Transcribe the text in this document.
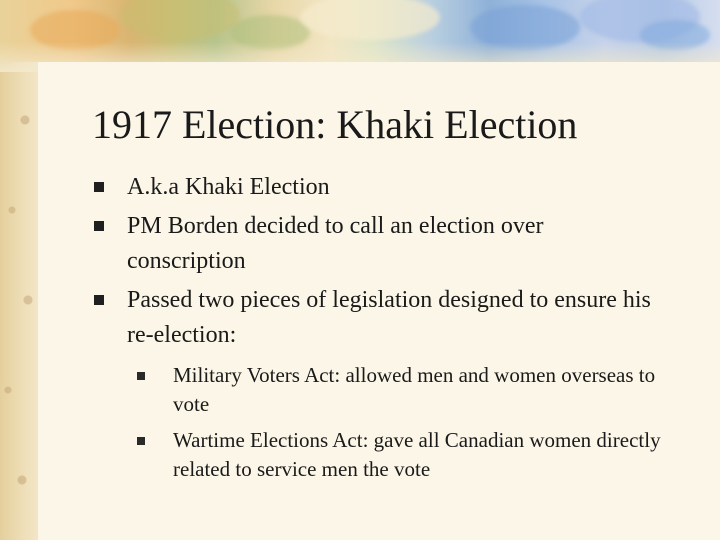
1917 Election: Khaki Election
A.k.a Khaki Election
PM Borden decided to call an election over conscription
Passed two pieces of legislation designed to ensure his re-election:
Military Voters Act: allowed men and women overseas to vote
Wartime Elections Act: gave all Canadian women directly related to service men the vote
